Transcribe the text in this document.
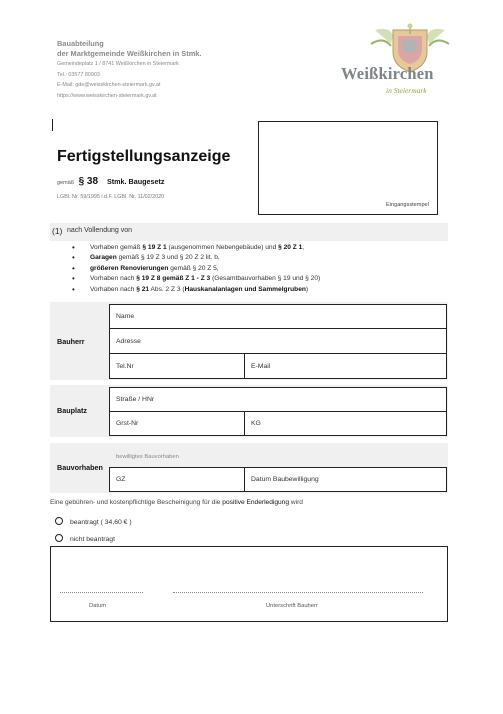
Bauabteilung
der Marktgemeinde Weißkirchen in Stmk.
Gemeindeplatz 1 / 8741 Weißkirchen in Steiermark
Tel.: 03577 80903
E-Mail: gde@weisskirchen-steiermark.gv.at
https://www.weisskirchen-steiermark.gv.at
Weißkirchen
in Steiermark
Eingangsstempel
Fertigstellungsanzeige
gemäß § 38 Stmk. Baugesetz
LGBl. Nr. 59/1995 i.d.F. LGBl. Nr. 11/02/2020
(1) nach Vollendung von
• Vorhaben gemäß § 19 Z 1 (ausgenommen Nebengebäude) und § 20 Z 1,
• Garagen gemäß § 19 Z 3 und § 20 Z 2 lit. b,
• größeren Renovierungen gemäß § 20 Z 5,
• Vorhaben nach § 19 Z 8 gemäß Z 1 - Z 3 (Gesamtbauvorhaben § 19 und § 20)
• Vorhaben nach § 21 Abs. 2 Z 3 (Hauskanalanlagen und Sammelgruben)
Bauherr
Name
Adresse
Tel.Nr	E-Mail
Bauplatz
Straße / HNr
Grst-Nr	KG
Bauvorhaben
bewilligtes Bauvorhaben
GZ	Datum Baubewilligung
Eine gebühren- und kostenpflichtige Bescheinigung für die positive Enderledigung wird
beantragt ( 34,60 € )
nicht beantragt
Datum	Unterschrift Bauherr
